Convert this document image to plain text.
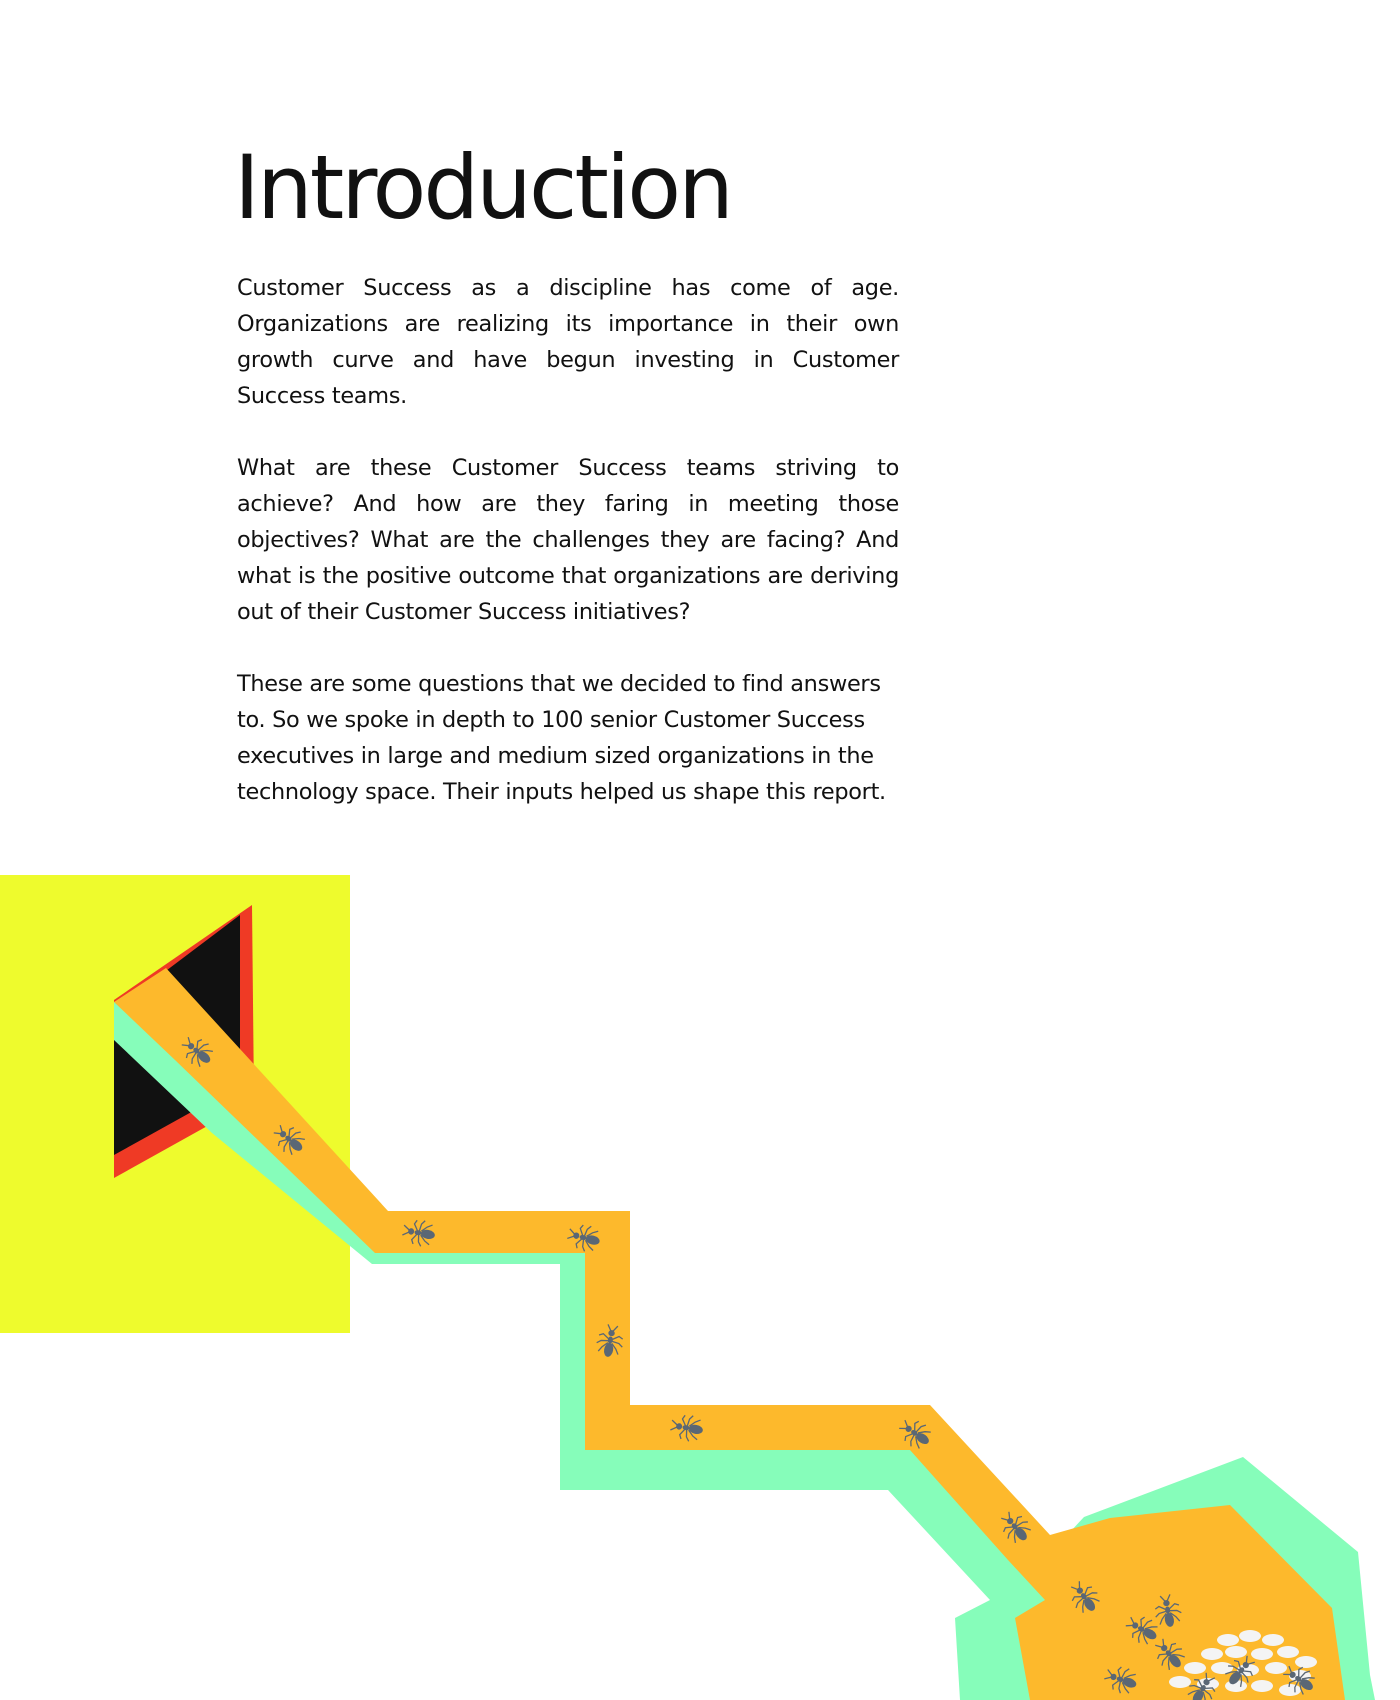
Introduction

Customer Success as a discipline has come of age. Organizations are realizing its importance in their own growth curve and have begun investing in Customer Success teams.

What are these Customer Success teams striving to achieve? And how are they faring in meeting those objectives? What are the challenges they are facing? And what is the positive outcome that organizations are deriving out of their Customer Success initiatives?

These are some questions that we decided to find answers to. So we spoke in depth to 100 senior Customer Success executives in large and medium sized organizations in the technology space. Their inputs helped us shape this report.
